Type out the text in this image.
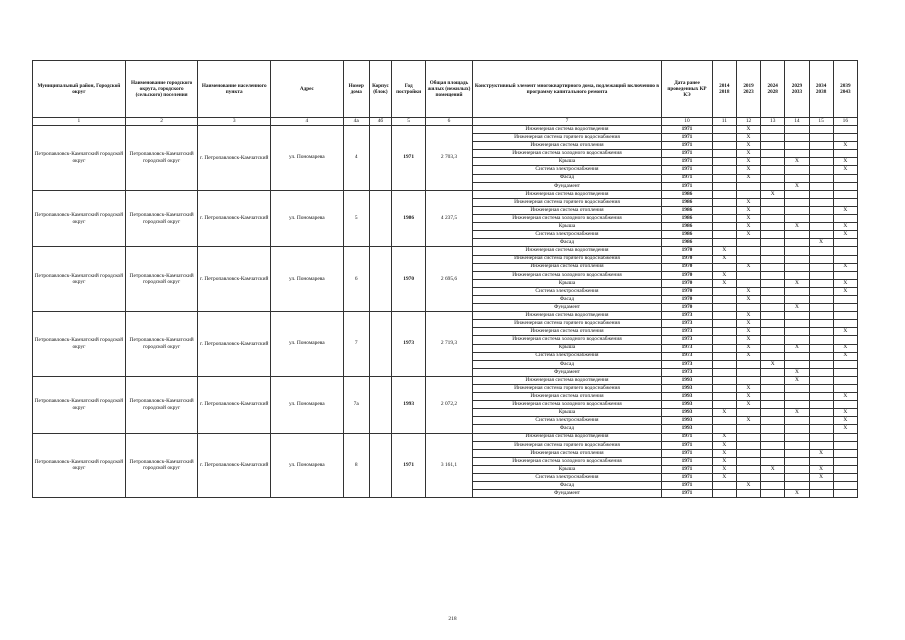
Муниципальный район, Городской округ	Наименование городского округа, городского (сельского) поселения	Наименование населенного пункта	Адрес	Номер дома	Корпус (блок)	Год постройки	Общая площадь жилых (нежилых) помещений	Конструктивный элемент многоквартирного дома, подлежащий включению в программу капитального ремонта	Дата ранее проведенных КР КЭ	2014 2018	2019 2023	2024 2028	2029 2033	2034 2038	2039 2043
1	2	3	4	4а	4б	5	6	7	10	11	12	13	14	15	16
Петропавловск-Камчатский городской округ	Петропавловск-Камчатский городской округ	г. Петропавловск-Камчатский	ул. Пономарева	4		1971	2 703,3	Инженерная система водоотведения	1971		X				
								Инженерная система горячего водоснабжения	1971		X				
								Инженерная система отопления	1971		X				X
								Инженерная система холодного водоснабжения	1971		X				
								Крыша	1971		X		X		X
								Система электроснабжения	1971		X				X
								Фасад	1971		X				
								Фундамент	1971				X		
Петропавловск-Камчатский городской округ	Петропавловск-Камчатский городской округ	г. Петропавловск-Камчатский	ул. Пономарева	5		1986	4 237,5	Инженерная система водоотведения	1986			X			
								Инженерная система горячего водоснабжения	1986		X				
								Инженерная система отопления	1986		X				X
								Инженерная система холодного водоснабжения	1986		X				
								Крыша	1986		X		X		X
								Система электроснабжения	1986		X				X
								Фасад	1986					X	
Петропавловск-Камчатский городской округ	Петропавловск-Камчатский городской округ	г. Петропавловск-Камчатский	ул. Пономарева	6		1970	2 695,6	Инженерная система водоотведения	1970	X					
								Инженерная система горячего водоснабжения	1970	X					
								Инженерная система отопления	1970		X				X
								Инженерная система холодного водоснабжения	1970	X					
								Крыша	1970	X			X		X
								Система электроснабжения	1970		X				X
								Фасад	1970		X				
								Фундамент	1970				X		
Петропавловск-Камчатский городской округ	Петропавловск-Камчатский городской округ	г. Петропавловск-Камчатский	ул. Пономарева	7		1973	2 719,3	Инженерная система водоотведения	1973		X				
								Инженерная система горячего водоснабжения	1973		X				
								Инженерная система отопления	1973		X				X
								Инженерная система холодного водоснабжения	1973		X				
								Крыша	1973		X		X		X
								Система электроснабжения	1973		X				X
								Фасад	1973			X			
								Фундамент	1973				X		
Петропавловск-Камчатский городской округ	Петропавловск-Камчатский городской округ	г. Петропавловск-Камчатский	ул. Пономарева	7а		1993	2 072,2	Инженерная система водоотведения	1993				X		
								Инженерная система горячего водоснабжения	1993		X				
								Инженерная система отопления	1993		X				X
								Инженерная система холодного водоснабжения	1993		X				
								Крыша	1993	X			X		X
								Система электроснабжения	1993		X				X
								Фасад	1993						X
Петропавловск-Камчатский городской округ	Петропавловск-Камчатский городской округ	г. Петропавловск-Камчатский	ул. Пономарева	8		1971	3 161,1	Инженерная система водоотведения	1971	X					
								Инженерная система горячего водоснабжения	1971	X					
								Инженерная система отопления	1971	X				X	
								Инженерная система холодного водоснабжения	1971	X					
								Крыша	1971	X		X		X	
								Система электроснабжения	1971	X				X	
								Фасад	1971		X				
								Фундамент	1971				X		
218
